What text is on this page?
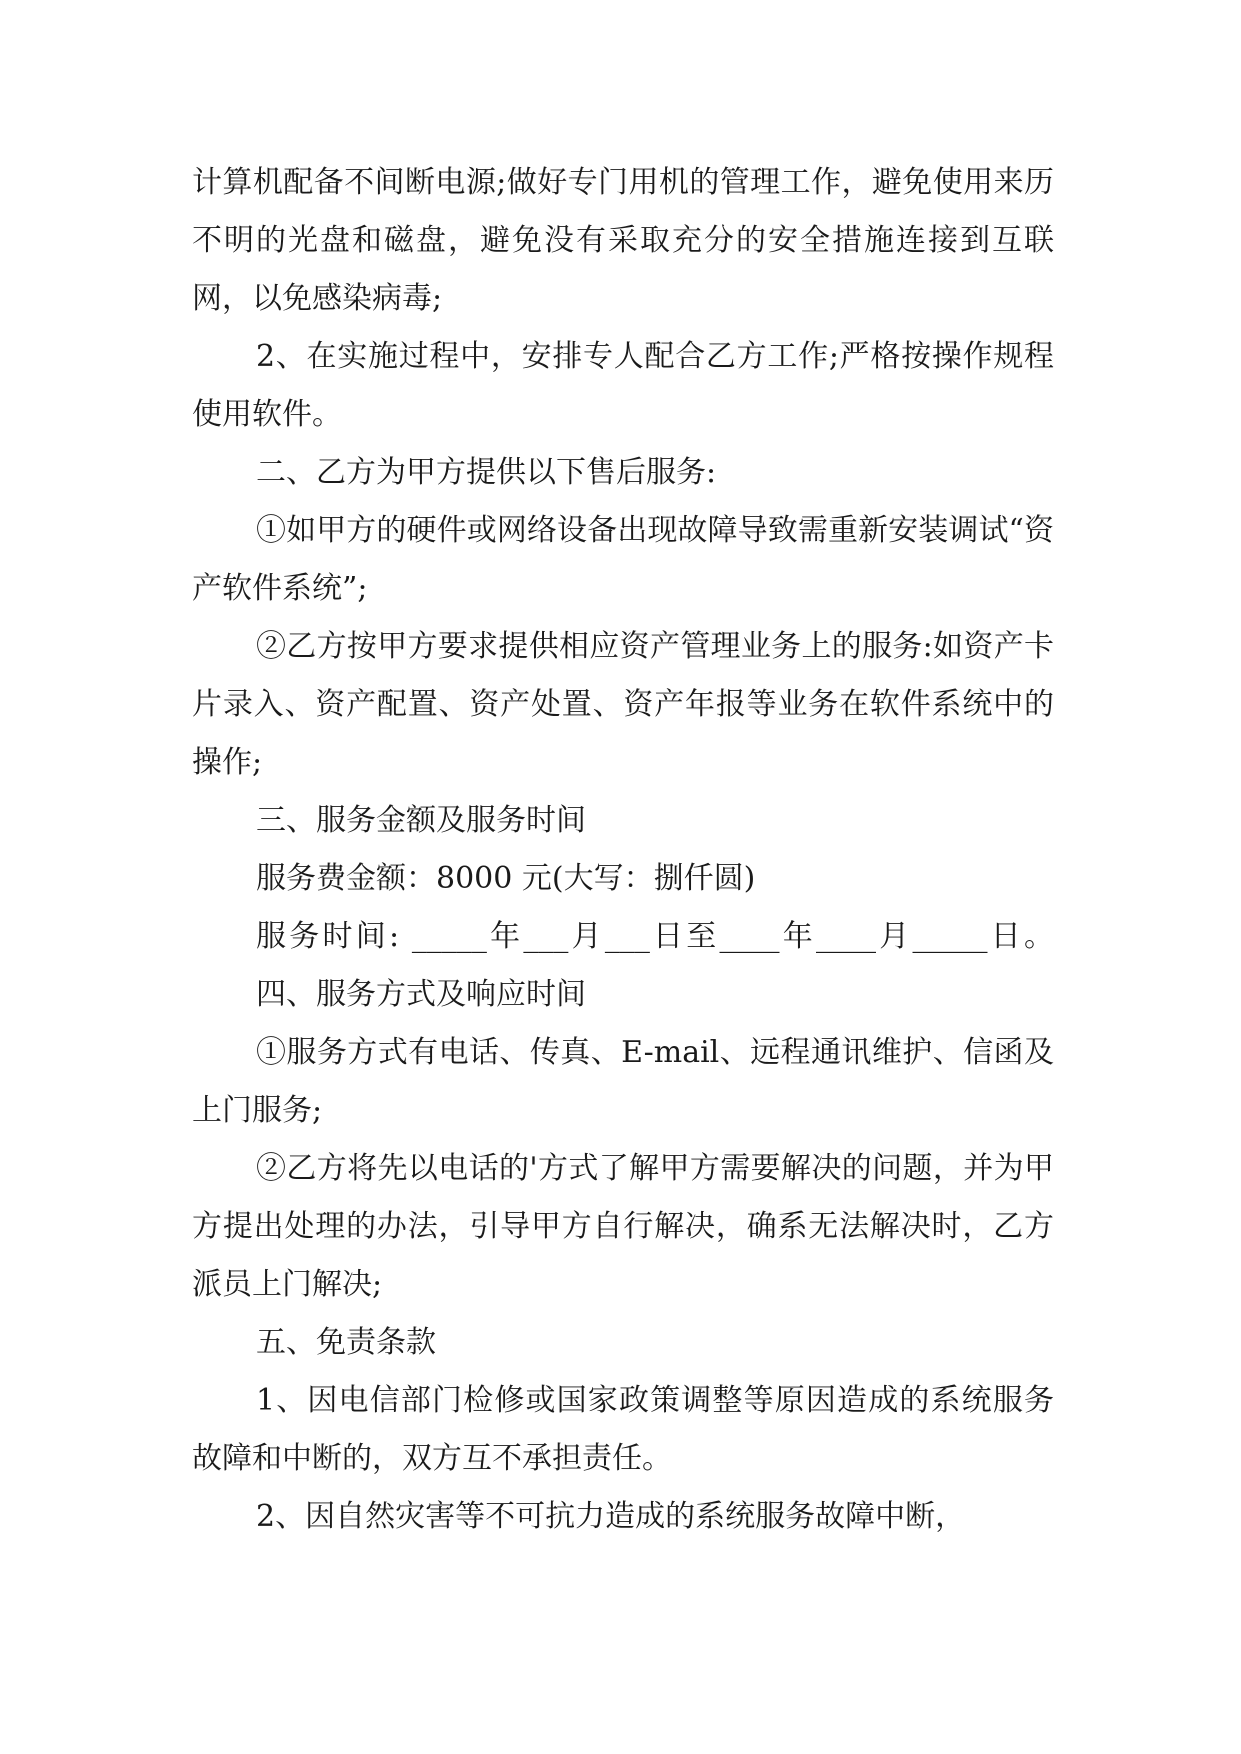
计算机配备不间断电源;做好专门用机的管理工作，避免使用来历不明的光盘和磁盘，避免没有采取充分的安全措施连接到互联网，以免感染病毒;

2、在实施过程中，安排专人配合乙方工作;严格按操作规程使用软件。

二、乙方为甲方提供以下售后服务:

①如甲方的硬件或网络设备出现故障导致需重新安装调试“资产软件系统”;

②乙方按甲方要求提供相应资产管理业务上的服务:如资产卡片录入、资产配置、资产处置、资产年报等业务在软件系统中的操作;

三、服务金额及服务时间

服务费金额：8000 元(大写：捌仟圆)

服务时间: _____年___月___日至____年____月_____日。

四、服务方式及响应时间

①服务方式有电话、传真、E-mail、远程通讯维护、信函及上门服务;

②乙方将先以电话的'方式了解甲方需要解决的问题，并为甲方提出处理的办法，引导甲方自行解决，确系无法解决时，乙方派员上门解决;

五、免责条款

1、因电信部门检修或国家政策调整等原因造成的系统服务故障和中断的，双方互不承担责任。

2、因自然灾害等不可抗力造成的系统服务故障中断，
